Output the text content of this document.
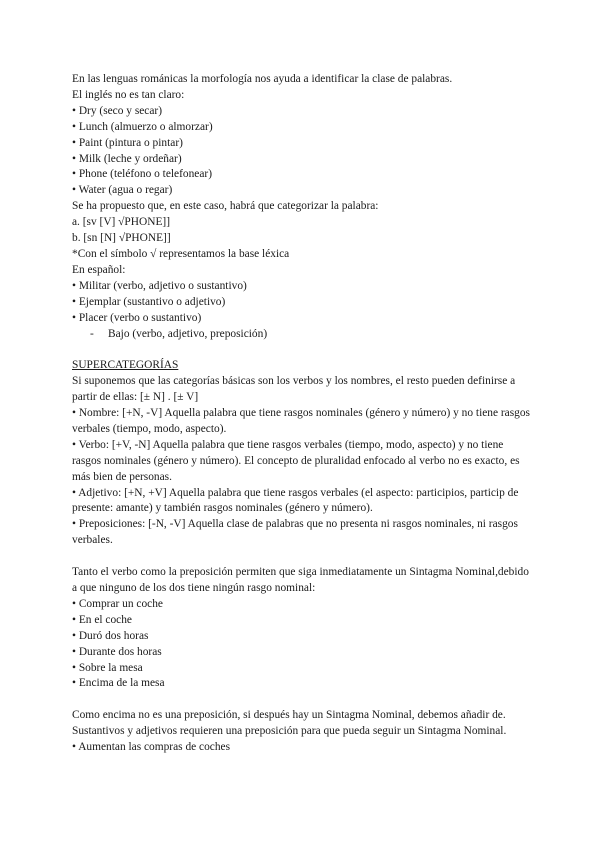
En las lenguas románicas la morfología nos ayuda a identificar la clase de palabras.
El inglés no es tan claro:
• Dry (seco y secar)
• Lunch (almuerzo o almorzar)
• Paint (pintura o pintar)
• Milk (leche y ordeñar)
• Phone (teléfono o telefonear)
• Water (agua o regar)
Se ha propuesto que, en este caso, habrá que categorizar la palabra:
a. [sv [V] √PHONE]]
b. [sn [N] √PHONE]]
*Con el símbolo √ representamos la base léxica
En español:
• Militar (verbo, adjetivo o sustantivo)
• Ejemplar (sustantivo o adjetivo)
• Placer (verbo o sustantivo)
- Bajo (verbo, adjetivo, preposición)
SUPERCATEGORÍAS
Si suponemos que las categorías básicas son los verbos y los nombres, el resto pueden definirse a partir de ellas: [± N] . [± V]
• Nombre: [+N, -V] Aquella palabra que tiene rasgos nominales (género y número) y no tiene rasgos verbales (tiempo, modo, aspecto).
• Verbo: [+V, -N] Aquella palabra que tiene rasgos verbales (tiempo, modo, aspecto) y no tiene rasgos nominales (género y número). El concepto de pluralidad enfocado al verbo no es exacto, es más bien de personas.
• Adjetivo: [+N, +V] Aquella palabra que tiene rasgos verbales (el aspecto: participios, particip de presente: amante) y también rasgos nominales (género y número).
• Preposiciones: [-N, -V] Aquella clase de palabras que no presenta ni rasgos nominales, ni rasgos verbales.
Tanto el verbo como la preposición permiten que siga inmediatamente un Sintagma Nominal,debido a que ninguno de los dos tiene ningún rasgo nominal:
• Comprar un coche
• En el coche
• Duró dos horas
• Durante dos horas
• Sobre la mesa
• Encima de la mesa
Como encima no es una preposición, si después hay un Sintagma Nominal, debemos añadir de. Sustantivos y adjetivos requieren una preposición para que pueda seguir un Sintagma Nominal.
• Aumentan las compras de coches
